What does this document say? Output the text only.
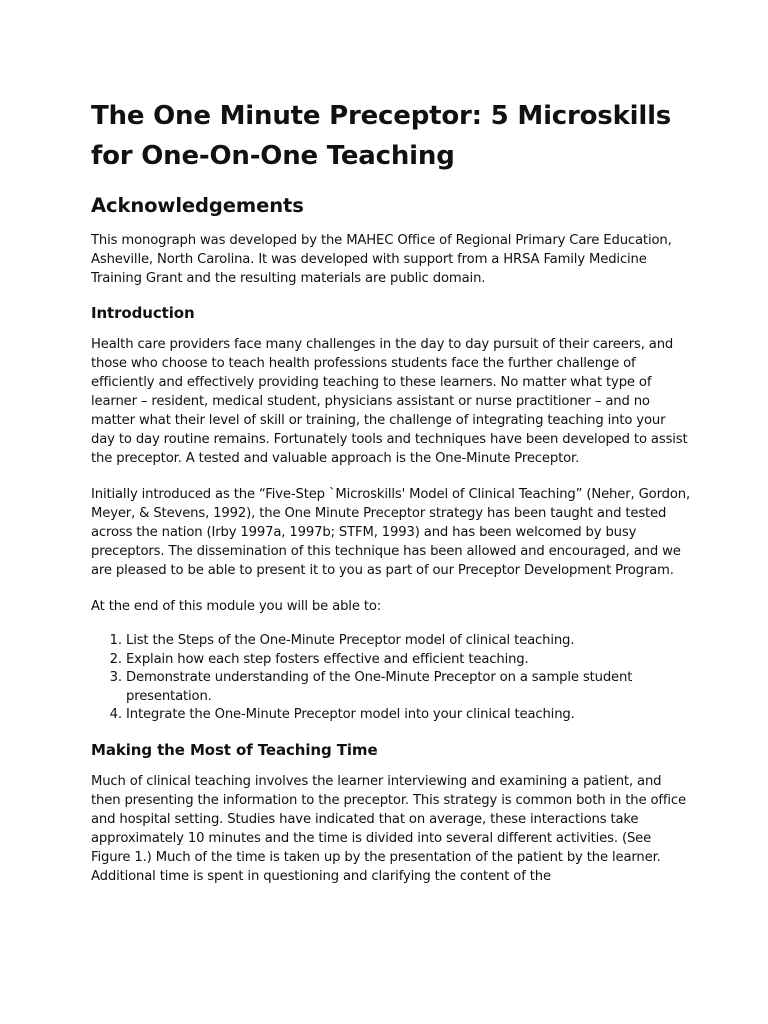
The One Minute Preceptor: 5 Microskills for One-On-One Teaching
Acknowledgements

This monograph was developed by the MAHEC Office of Regional Primary Care Education, Asheville, North Carolina. It was developed with support from a HRSA Family Medicine Training Grant and the resulting materials are public domain.

Introduction

Health care providers face many challenges in the day to day pursuit of their careers, and those who choose to teach health professions students face the further challenge of efficiently and effectively providing teaching to these learners. No matter what type of learner – resident, medical student, physicians assistant or nurse practitioner – and no matter what their level of skill or training, the challenge of integrating teaching into your day to day routine remains. Fortunately tools and techniques have been developed to assist the preceptor. A tested and valuable approach is the One-Minute Preceptor.

Initially introduced as the “Five-Step `Microskills' Model of Clinical Teaching” (Neher, Gordon, Meyer, & Stevens, 1992), the One Minute Preceptor strategy has been taught and tested across the nation (Irby 1997a, 1997b; STFM, 1993) and has been welcomed by busy preceptors. The dissemination of this technique has been allowed and encouraged, and we are pleased to be able to present it to you as part of our Preceptor Development Program.

At the end of this module you will be able to:

1. List the Steps of the One-Minute Preceptor model of clinical teaching.
2. Explain how each step fosters effective and efficient teaching.
3. Demonstrate understanding of the One-Minute Preceptor on a sample student presentation.
4. Integrate the One-Minute Preceptor model into your clinical teaching.
Making the Most of Teaching Time

Much of clinical teaching involves the learner interviewing and examining a patient, and then presenting the information to the preceptor. This strategy is common both in the office and hospital setting. Studies have indicated that on average, these interactions take approximately 10 minutes and the time is divided into several different activities. (See Figure 1.) Much of the time is taken up by the presentation of the patient by the learner. Additional time is spent in questioning and clarifying the content of the
